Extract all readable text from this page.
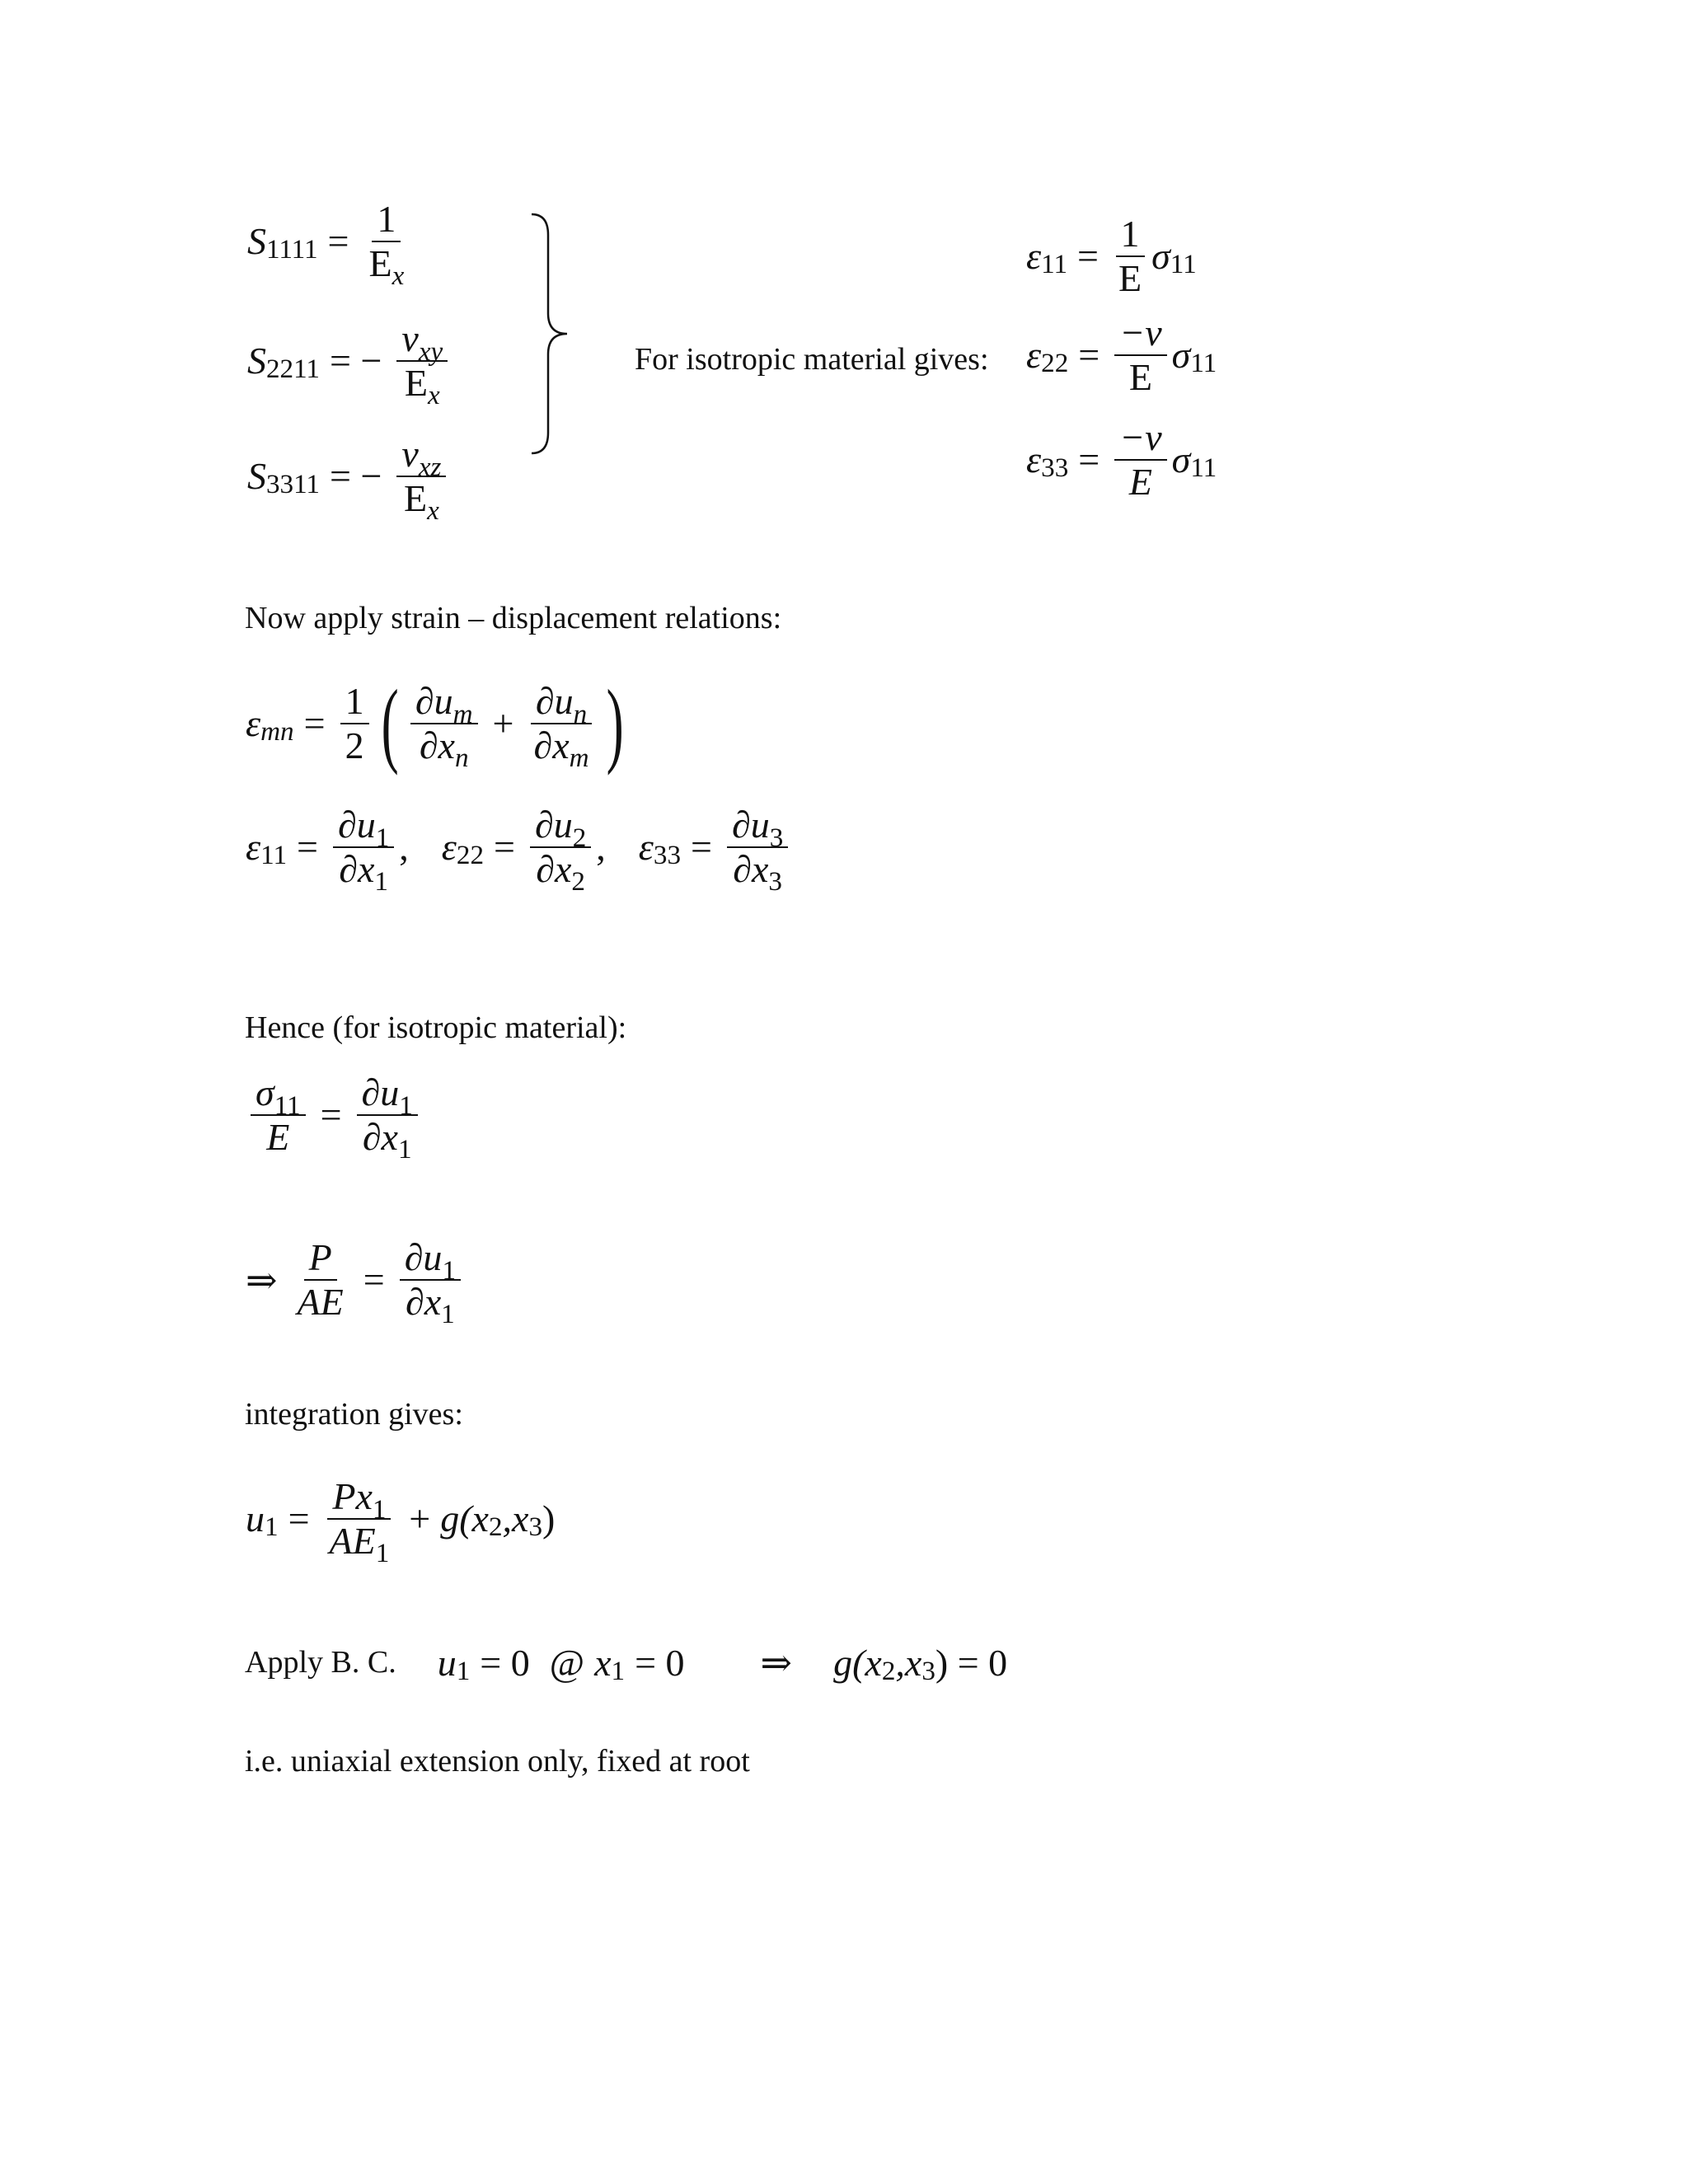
S $1111 = \frac{1}{E_x}$
S 2211 = − $\frac{\nu_{xy}}{E_x}$
S 3311 = − $\frac{\nu_{xz}}{E_x}$
For isotropic material gives:
ε $11 = \frac{1}{E}$ σ 11
ε $22 = \frac{-\nu}{E}$ σ 11
ε $33 = \frac{-\nu}{E}$ σ 11
Now apply strain – displacement relations:
ε mn = $\frac{1}{2}$ ( $\frac{\partial u_m}{\partial x_n} + \frac{\partial u_n}{\partial x_m}$ )
ε $11 = \frac{\partial u_1}{\partial x_1}$ , ε $22 = \frac{\partial u_2}{\partial x_2}$ , ε $33 = \frac{\partial u_3}{\partial x_3}$
Hence (for isotropic material):
$\frac{\sigma_{11}}{E} = \frac{\partial u_1}{\partial x_1}$
⇒ $\frac{P}{AE} = \frac{\partial u_1}{\partial x_1}$
integration gives:
u $1 = \frac{Px_1}{AE_1} + g(x$ 2 ,x 3 )
Apply B. C. u 1 = 0 @ x 1 = 0 ⇒ g(x 2 ,x 3 ) = 0
i.e. uniaxial extension only, fixed at root
